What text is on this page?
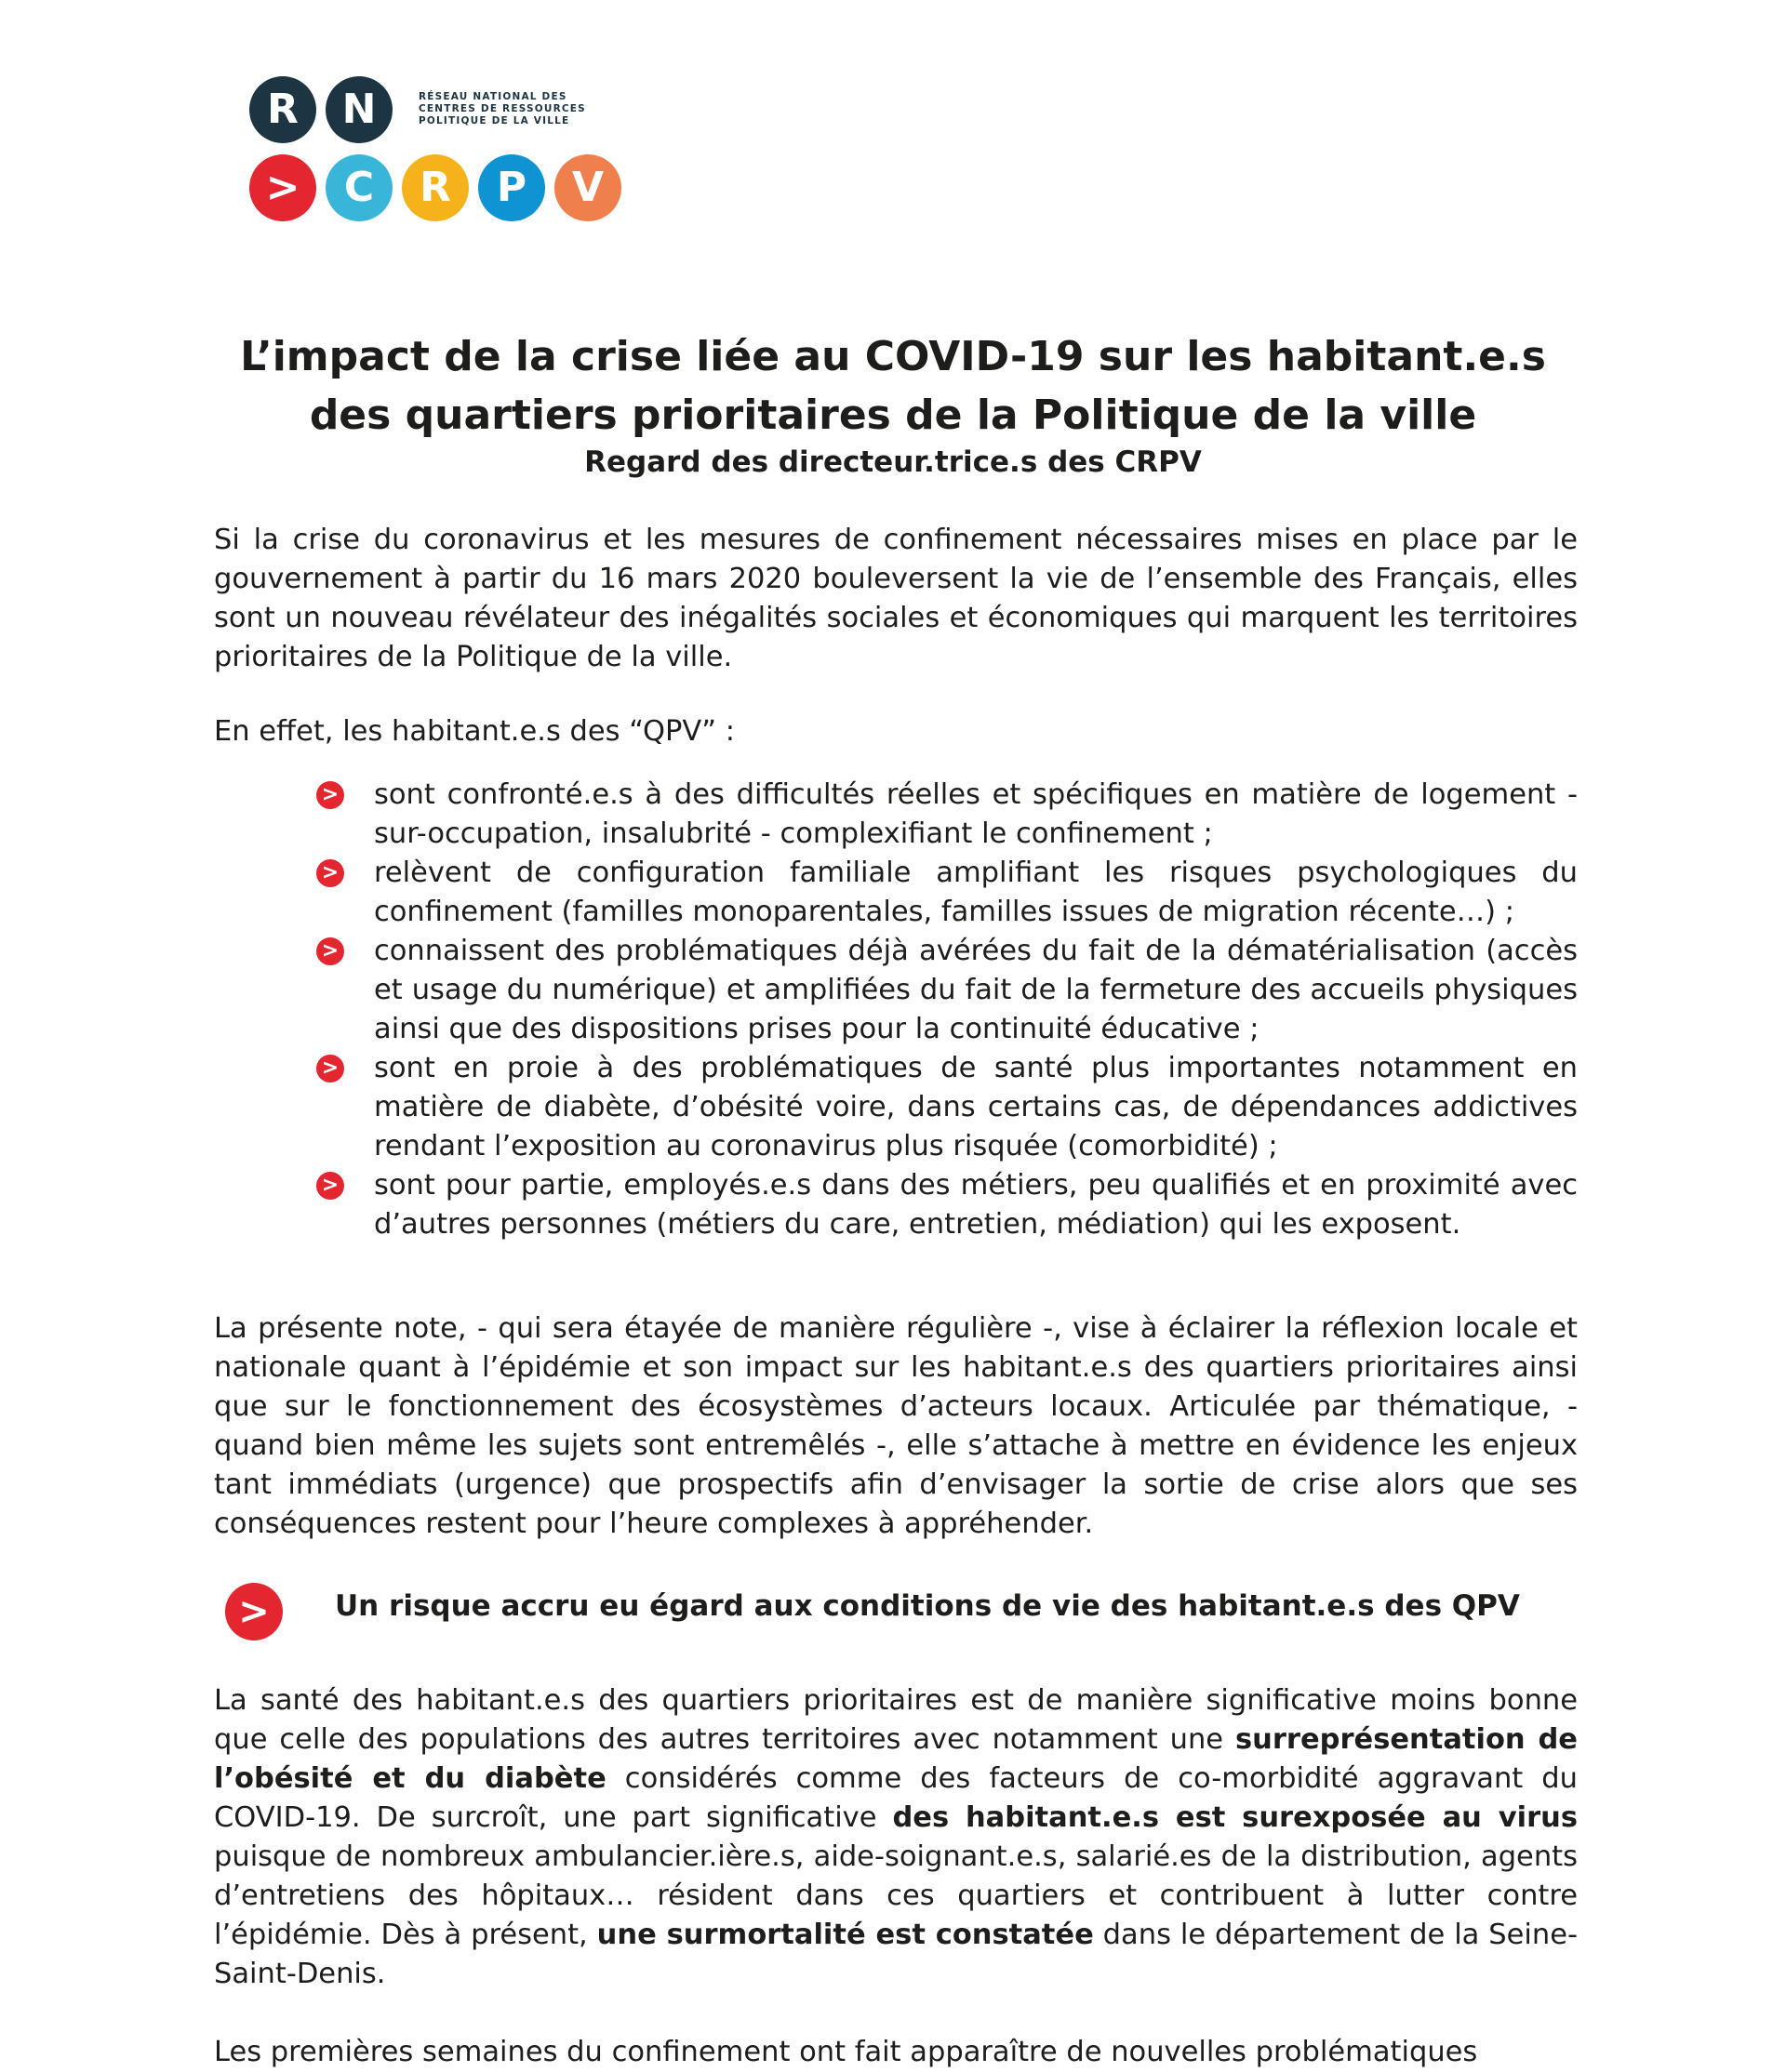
R	N	RÉSEAU NATIONAL DES
CENTRES DE RESSOURCES
POLITIQUE DE LA VILLE
>	C	R	P	V
L’impact de la crise liée au COVID-19 sur les habitant.e.s
des quartiers prioritaires de la Politique de la ville
Regard des directeur.trice.s des CRPV

Si la crise du coronavirus et les mesures de confinement nécessaires mises en place par le gouvernement à partir du 16 mars 2020 bouleversent la vie de l’ensemble des Français, elles sont un nouveau révélateur des inégalités sociales et économiques qui marquent les territoires prioritaires de la Politique de la ville.

En effet, les habitant.e.s des “QPV” :

> sont confronté.e.s à des difficultés réelles et spécifiques en matière de logement - sur-occupation, insalubrité - complexifiant le confinement ;
> relèvent de configuration familiale amplifiant les risques psychologiques du confinement (familles monoparentales, familles issues de migration récente…) ;
> connaissent des problématiques déjà avérées du fait de la dématérialisation (accès et usage du numérique) et amplifiées du fait de la fermeture des accueils physiques ainsi que des dispositions prises pour la continuité éducative ;
> sont en proie à des problématiques de santé plus importantes notamment en matière de diabète, d’obésité voire, dans certains cas, de dépendances addictives rendant l’exposition au coronavirus plus risquée (comorbidité) ;
> sont pour partie, employés.e.s dans des métiers, peu qualifiés et en proximité avec d’autres personnes (métiers du care, entretien, médiation) qui les exposent.

La présente note, - qui sera étayée de manière régulière -, vise à éclairer la réflexion locale et nationale quant à l’épidémie et son impact sur les habitant.e.s des quartiers prioritaires ainsi que sur le fonctionnement des écosystèmes d’acteurs locaux. Articulée par thématique, - quand bien même les sujets sont entremêlés -, elle s’attache à mettre en évidence les enjeux tant immédiats (urgence) que prospectifs afin d’envisager la sortie de crise alors que ses conséquences restent pour l’heure complexes à appréhender.

>	Un risque accru eu égard aux conditions de vie des habitant.e.s des QPV

La santé des habitant.e.s des quartiers prioritaires est de manière significative moins bonne que celle des populations des autres territoires avec notamment une surreprésentation de l’obésité et du diabète considérés comme des facteurs de co-morbidité aggravant du COVID-19. De surcroît, une part significative des habitant.e.s est surexposée au virus puisque de nombreux ambulancier.ière.s, aide-soignant.e.s, salarié.es de la distribution, agents d’entretiens des hôpitaux… résident dans ces quartiers et contribuent à lutter contre l’épidémie. Dès à présent, une surmortalité est constatée dans le département de la Seine-Saint-Denis.

Les premières semaines du confinement ont fait apparaître de nouvelles problématiques
